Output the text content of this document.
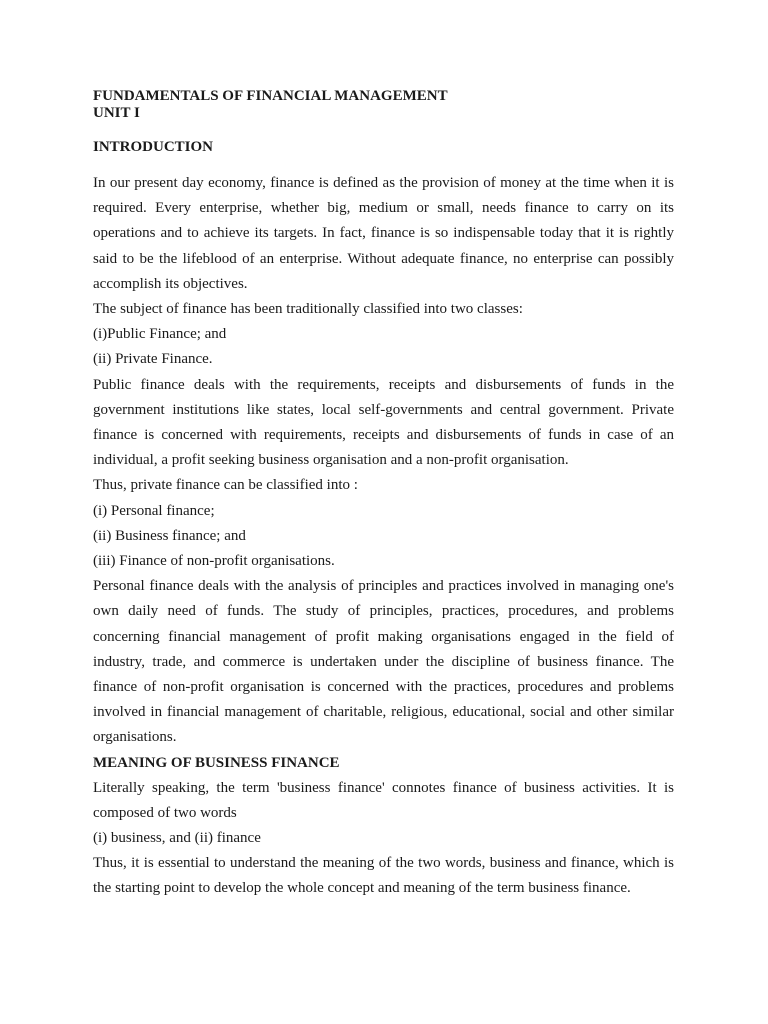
FUNDAMENTALS OF FINANCIAL MANAGEMENT

UNIT I

INTRODUCTION

In our present day economy, finance is defined as the provision of money at the time when it is required. Every enterprise, whether big, medium or small, needs finance to carry on its operations and to achieve its targets. In fact, finance is so indispensable today that it is rightly said to be the lifeblood of an enterprise. Without adequate finance, no enterprise can possibly accomplish its objectives.

The subject of finance has been traditionally classified into two classes:

(i)Public Finance; and

(ii) Private Finance.

Public finance deals with the requirements, receipts and disbursements of funds in the government institutions like states, local self-governments and central government. Private finance is concerned with requirements, receipts and disbursements of funds in case of an individual, a profit seeking business organisation and a non-profit organisation.

Thus, private finance can be classified into :

(i) Personal finance;

(ii) Business finance; and

(iii) Finance of non-profit organisations.

Personal finance deals with the analysis of principles and practices involved in managing one's own daily need of funds. The study of principles, practices, procedures, and problems concerning financial management of profit making organisations engaged in the field of industry, trade, and commerce is undertaken under the discipline of business finance. The finance of non-profit organisation is concerned with the practices, procedures and problems involved in financial management of charitable, religious, educational, social and other similar organisations.

MEANING OF BUSINESS FINANCE

Literally speaking, the term 'business finance' connotes finance of business activities. It is composed of two words

(i) business, and (ii) finance

Thus, it is essential to understand the meaning of the two words, business and finance, which is the starting point to develop the whole concept and meaning of the term business finance.
